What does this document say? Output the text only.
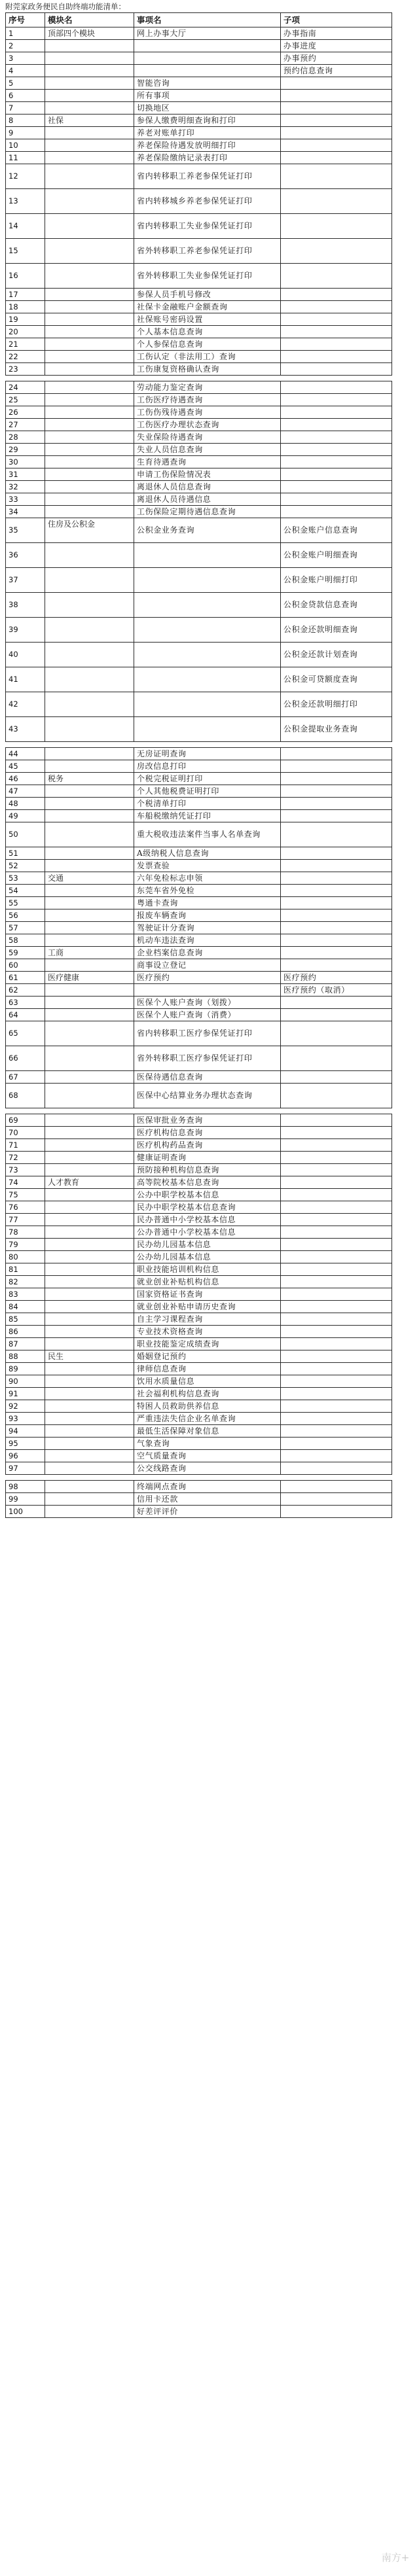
附莞家政务便民自助终端功能清单：
序号	模块名	事项名	子项
1	顶部四个模块	网上办事大厅	办事指南
2			办事进度
3			办事预约
4			预约信息查询
5		智能咨询	
6		所有事项	
7		切换地区	
8	社保	参保人缴费明细查询和打印	
9		养老对账单打印	
10		养老保险待遇发放明细打印	
11		养老保险缴纳记录表打印	
12		省内转移职工养老参保凭证打印	
13		省内转移城乡养老参保凭证打印	
14		省内转移职工失业参保凭证打印	
15		省外转移职工养老参保凭证打印	
16		省外转移职工失业参保凭证打印	
17		参保人员手机号修改	
18		社保卡金融账户金额查询	
19		社保账号密码设置	
20		个人基本信息查询	
21		个人参保信息查询	
22		工伤认定（非法用工）查询	
23		工伤康复资格确认查询	

24		劳动能力鉴定查询	
25		工伤医疗待遇查询	
26		工伤伤残待遇查询	
27		工伤医疗办理状态查询	
28		失业保险待遇查询	
29		失业人员信息查询	
30		生育待遇查询	
31		申请工伤保险情况表	
32		离退休人员信息查询	
33		离退休人员待遇信息	
34		工伤保险定期待遇信息查询	
35	住房及公积金	公积金业务查询	公积金账户信息查询
36			公积金账户明细查询
37			公积金账户明细打印
38			公积金贷款信息查询
39			公积金还款明细查询
40			公积金还款计划查询
41			公积金可贷额度查询
42			公积金还款明细打印
43			公积金提取业务查询

44		无房证明查询	
45		房改信息打印	
46	税务	个税完税证明打印	
47		个人其他税费证明打印	
48		个税清单打印	
49		车船税缴纳凭证打印	
50		重大税收违法案件当事人名单查询	
51		A级纳税人信息查询	
52		发票查验	
53	交通	六年免检标志申领	
54		东莞车省外免检	
55		粤通卡查询	
56		报废车辆查询	
57		驾驶证计分查询	
58		机动车违法查询	
59	工商	企业档案信息查询	
60		商事设立登记	
61	医疗健康	医疗预约	医疗预约
62			医疗预约（取消）
63		医保个人账户查询（划拨）	
64		医保个人账户查询（消费）	
65		省内转移职工医疗参保凭证打印	
66		省外转移职工医疗参保凭证打印	
67		医保待遇信息查询	
68		医保中心结算业务办理状态查询	

69		医保审批业务查询	
70		医疗机构信息查询	
71		医疗机构药品查询	
72		健康证明查询	
73		预防接种机构信息查询	
74	人才教育	高等院校基本信息查询	
75		公办中职学校基本信息	
76		民办中职学校基本信息查询	
77		民办普通中小学校基本信息	
78		公办普通中小学校基本信息	
79		民办幼儿园基本信息	
80		公办幼儿园基本信息	
81		职业技能培训机构信息	
82		就业创业补贴机构信息	
83		国家资格证书查询	
84		就业创业补贴申请历史查询	
85		自主学习课程查询	
86		专业技术资格查询	
87		职业技能鉴定成绩查询	
88	民生	婚姻登记预约	
89		律师信息查询	
90		饮用水质量信息	
91		社会福利机构信息查询	
92		特困人员救助供养信息	
93		严重违法失信企业名单查询	
94		最低生活保障对象信息	
95		气象查询	
96		空气质量查询	
97		公交线路查询	

98		终端网点查询	
99		信用卡还款	
100		好差评评价	
南方+
